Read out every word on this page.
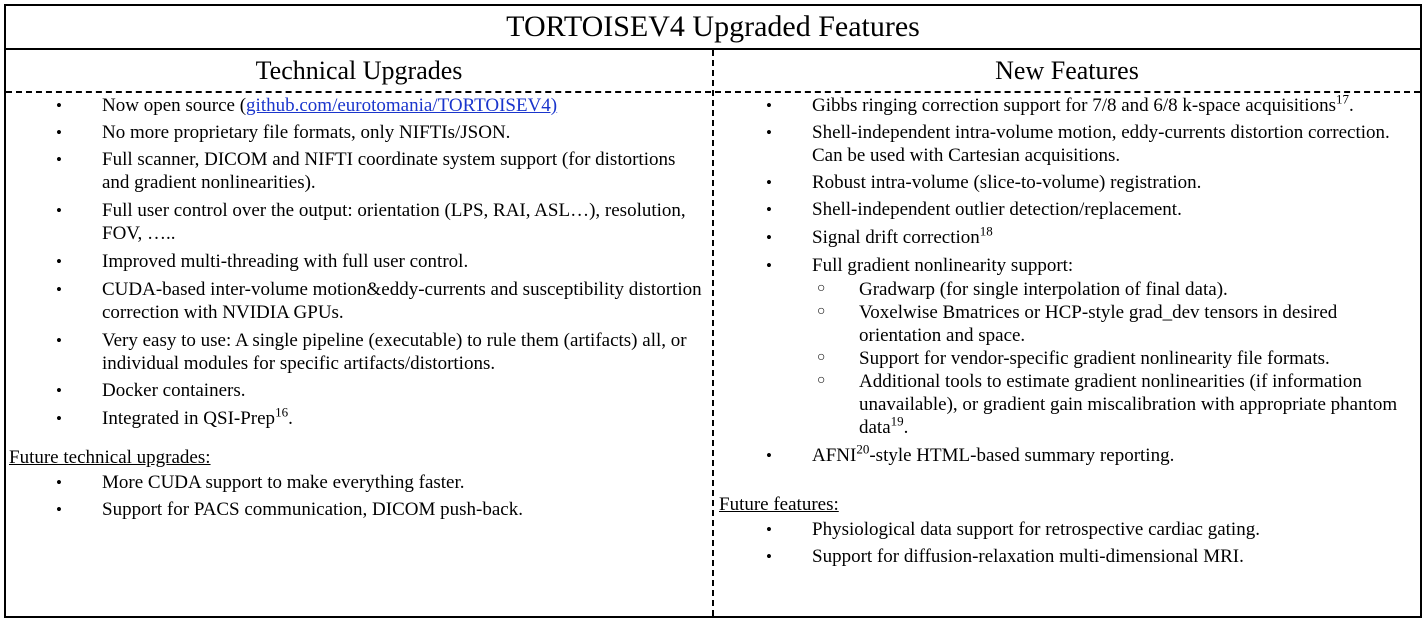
TORTOISEV4 Upgraded Features
Technical Upgrades	New Features
• Now open source (github.com/eurotomania/TORTOISEV4)
• No more proprietary file formats, only NIFTIs/JSON.
• Full scanner, DICOM and NIFTI coordinate system support (for distortions and gradient nonlinearities).
• Full user control over the output: orientation (LPS, RAI, ASL…), resolution, FOV, …..
• Improved multi-threading with full user control.
• CUDA-based inter-volume motion&eddy-currents and susceptibility distortion correction with NVIDIA GPUs.
• Very easy to use: A single pipeline (executable) to rule them (artifacts) all, or individual modules for specific artifacts/distortions.
• Docker containers.
• Integrated in QSI-Prep$^{16}$.
Future technical upgrades:
• More CUDA support to make everything faster.
• Support for PACS communication, DICOM push-back.
• Gibbs ringing correction support for 7/8 and 6/8 k-space acquisitions$^{17}$.
• Shell-independent intra-volume motion, eddy-currents distortion correction. Can be used with Cartesian acquisitions.
• Robust intra-volume (slice-to-volume) registration.
• Shell-independent outlier detection/replacement.
• Signal drift correction$^{18}$
• Full gradient nonlinearity support:
○ Gradwarp (for single interpolation of final data).
○ Voxelwise Bmatrices or HCP-style grad_dev tensors in desired orientation and space.
○ Support for vendor-specific gradient nonlinearity file formats.
○ Additional tools to estimate gradient nonlinearities (if information unavailable), or gradient gain miscalibration with appropriate phantom data$^{19}$.
• AFNI$^{20}$-style HTML-based summary reporting.
Future features:
• Physiological data support for retrospective cardiac gating.
• Support for diffusion-relaxation multi-dimensional MRI.
